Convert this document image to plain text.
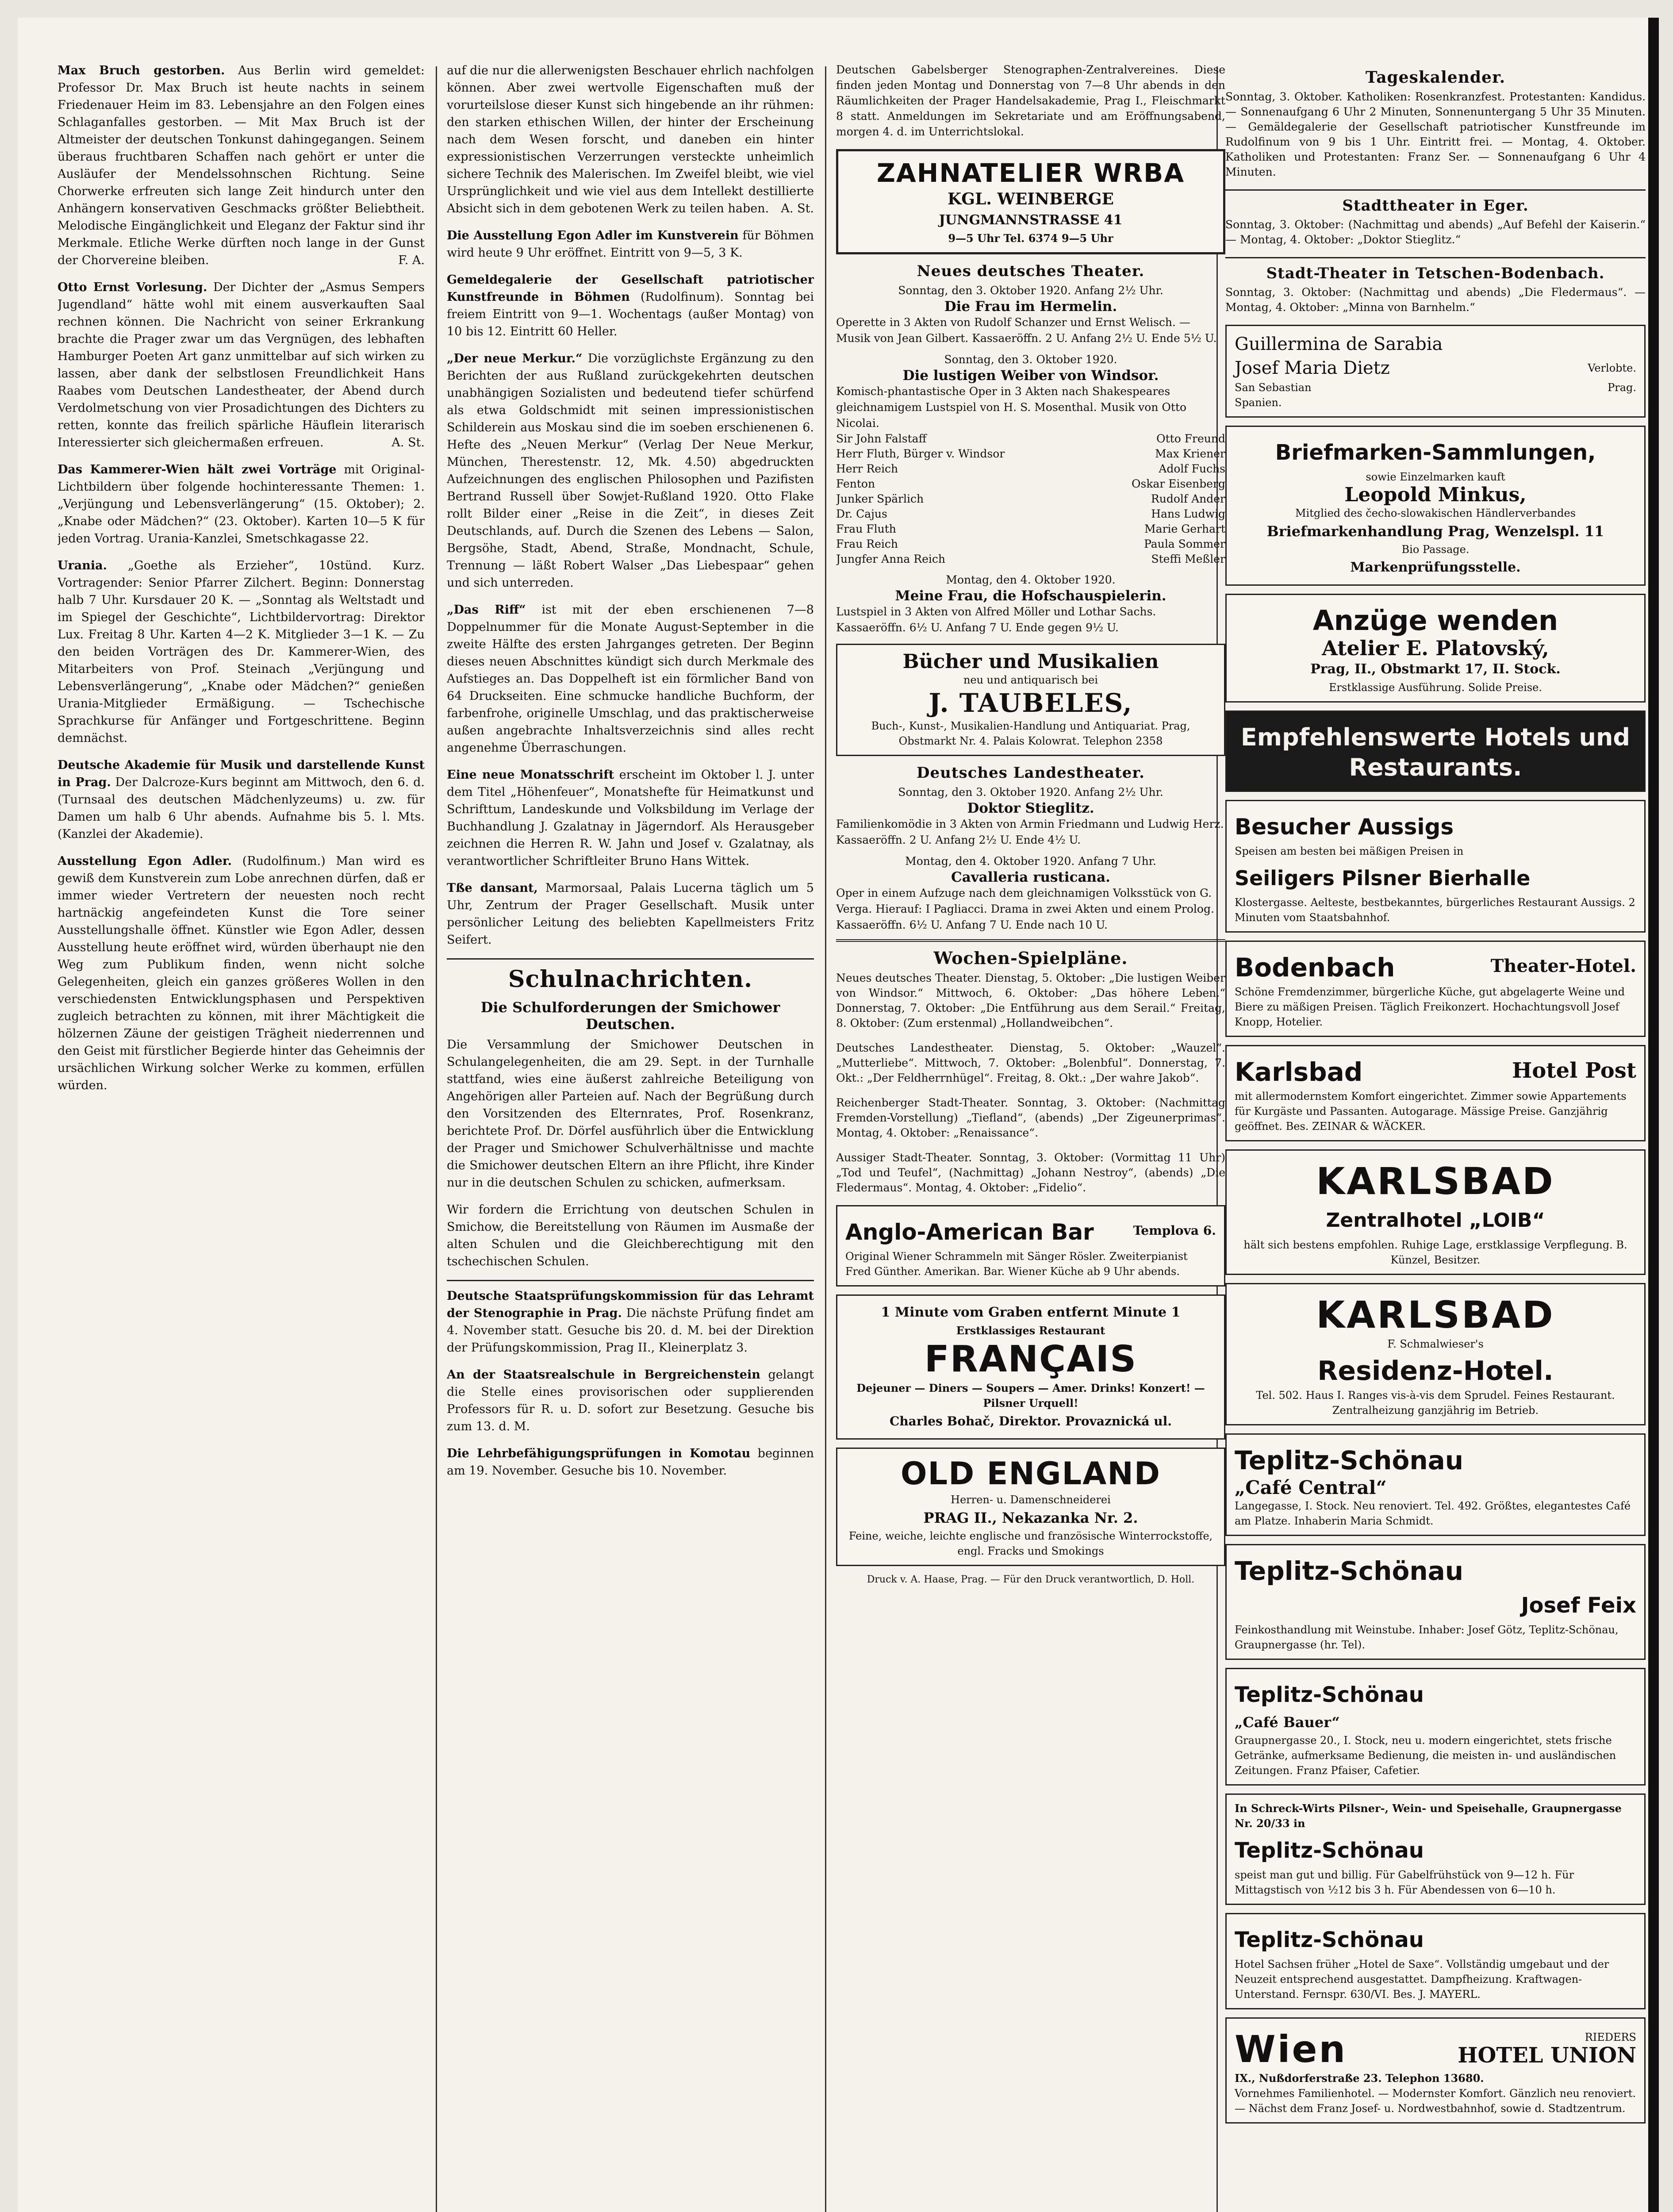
Max Bruch gestorben. Aus Berlin wird gemeldet: Professor Dr. Max Bruch ist heute nachts in seinem Friedenauer Heim im 83. Lebensjahre an den Folgen eines Schlaganfalles gestorben. — Mit Max Bruch ist der Altmeister der deutschen Tonkunst dahingegangen. Seinem überaus fruchtbaren Schaffen nach gehört er unter die Ausläufer der Mendelssohnschen Richtung. Seine Chorwerke erfreuten sich lange Zeit hindurch unter den Anhängern konservativen Geschmacks größter Beliebtheit. Melodische Eingänglichkeit und Eleganz der Faktur sind ihr Merkmale. Etliche Werke dürften noch lange in der Gunst der Chorvereine bleiben.	F. A.

Otto Ernst Vorlesung. Der Dichter der „Asmus Sempers Jugendland“ hätte wohl mit einem ausverkauften Saal rechnen können. Die Nachricht von seiner Erkrankung brachte die Prager zwar um das Vergnügen, des lebhaften Hamburger Poeten Art ganz unmittelbar auf sich wirken zu lassen, aber dank der selbstlosen Freundlichkeit Hans Raabes vom Deutschen Landestheater, der Abend durch Verdolmetschung von vier Prosadichtungen des Dichters zu retten, konnte das freilich spärliche Häuflein literarisch Interessierter sich gleichermaßen erfreuen.	A. St.

Das Kammerer-Wien hält zwei Vorträge mit Original-Lichtbildern über folgende hochinteressante Themen: 1. „Verjüngung und Lebensverlängerung“ (15. Oktober); 2. „Knabe oder Mädchen?“ (23. Oktober). Karten 10—5 K für jeden Vortrag. Urania-Kanzlei, Smetschkagasse 22.

Urania. „Goethe als Erzieher“, 10stünd. Kurz. Vortragender: Senior Pfarrer Zilchert. Beginn: Donnerstag halb 7 Uhr. Kursdauer 20 K. — „Sonntag als Weltstadt und im Spiegel der Geschichte“, Lichtbildervortrag: Direktor Lux. Freitag 8 Uhr. Karten 4—2 K. Mitglieder 3—1 K. — Zu den beiden Vorträgen des Dr. Kammerer-Wien, des Mitarbeiters von Prof. Steinach „Verjüngung und Lebensverlängerung“, „Knabe oder Mädchen?“ genießen Urania-Mitglieder Ermäßigung. — Tschechische Sprachkurse für Anfänger und Fortgeschrittene. Beginn demnächst.

Deutsche Akademie für Musik und darstellende Kunst in Prag. Der Dalcroze-Kurs beginnt am Mittwoch, den 6. d. (Turnsaal des deutschen Mädchenlyzeums) u. zw. für Damen um halb 6 Uhr abends. Aufnahme bis 5. l. Mts. (Kanzlei der Akademie).

Ausstellung Egon Adler. (Rudolfinum.) Man wird es gewiß dem Kunstverein zum Lobe anrechnen dürfen, daß er immer wieder Vertretern der neuesten noch recht hartnäckig angefeindeten Kunst die Tore seiner Ausstellungshalle öffnet. Künstler wie Egon Adler, dessen Ausstellung heute eröffnet wird, würden überhaupt nie den Weg zum Publikum finden, wenn nicht solche Gelegenheiten, gleich ein ganzes größeres Wollen in den verschiedensten Entwicklungsphasen und Perspektiven zugleich betrachten zu können, mit ihrer Mächtigkeit die hölzernen Zäune der geistigen Trägheit niederrennen und den Geist mit fürstlicher Begierde hinter das Geheimnis der ursächlichen Wirkung solcher Werke zu kommen, erfüllen würden.

auf die nur die allerwenigsten Beschauer ehrlich nachfolgen können. Aber zwei wertvolle Eigenschaften muß der vorurteilslose dieser Kunst sich hingebende an ihr rühmen: den starken ethischen Willen, der hinter der Erscheinung nach dem Wesen forscht, und daneben ein hinter expressionistischen Verzerrungen versteckte unheimlich sichere Technik des Malerischen. Im Zweifel bleibt, wie viel Ursprünglichkeit und wie viel aus dem Intellekt destillierte Absicht sich in dem gebotenen Werk zu teilen haben. A. St.

Die Ausstellung Egon Adler im Kunstverein für Böhmen wird heute 9 Uhr eröffnet. Eintritt von 9—5, 3 K.

Gemeldegalerie der Gesellschaft patriotischer Kunstfreunde in Böhmen (Rudolfinum). Sonntag bei freiem Eintritt von 9—1. Wochentags (außer Montag) von 10 bis 12. Eintritt 60 Heller.

„Der neue Merkur.“ Die vorzüglichste Ergänzung zu den Berichten der aus Rußland zurückgekehrten deutschen unabhängigen Sozialisten und bedeutend tiefer schürfend als etwa Goldschmidt mit seinen impressionistischen Schilderein aus Moskau sind die im soeben erschienenen 6. Hefte des „Neuen Merkur“ (Verlag Der Neue Merkur, München, Therestenstr. 12, Mk. 4.50) abgedruckten Aufzeichnungen des englischen Philosophen und Pazifisten Bertrand Russell über Sowjet-Rußland 1920. Otto Flake rollt Bilder einer „Reise in die Zeit“, in dieses Zeit Deutschlands, auf. Durch die Szenen des Lebens — Salon, Bergsöhe, Stadt, Abend, Straße, Mondnacht, Schule, Trennung — läßt Robert Walser „Das Liebespaar“ gehen und sich unterreden.

„Das Riff“ ist mit der eben erschienenen 7—8 Doppelnummer für die Monate August-September in die zweite Hälfte des ersten Jahrganges getreten. Der Beginn dieses neuen Abschnittes kündigt sich durch Merkmale des Aufstieges an. Das Doppelheft ist ein förmlicher Band von 64 Druckseiten. Eine schmucke handliche Buchform, der farbenfrohe, originelle Umschlag, und das praktischerweise außen angebrachte Inhaltsverzeichnis sind alles recht angenehme Überraschungen.

Eine neue Monatsschrift erscheint im Oktober l. J. unter dem Titel „Höhenfeuer“, Monatshefte für Heimatkunst und Schrifttum, Landeskunde und Volksbildung im Verlage der Buchhandlung J. Gzalatnay in Jägerndorf. Als Herausgeber zeichnen die Herren R. W. Jahn und Josef v. Gzalatnay, als verantwortlicher Schriftleiter Bruno Hans Wittek.

Tße dansant, Marmorsaal, Palais Lucerna täglich um 5 Uhr, Zentrum der Prager Gesellschaft. Musik unter persönlicher Leitung des beliebten Kapellmeisters Fritz Seifert.

Schulnachrichten.
Die Schulforderungen der Smichower Deutschen.

Die Versammlung der Smichower Deutschen in Schulangelegenheiten, die am 29. Sept. in der Turnhalle stattfand, wies eine äußerst zahlreiche Beteiligung von Angehörigen aller Parteien auf. Nach der Begrüßung durch den Vorsitzenden des Elternrates, Prof. Rosenkranz, berichtete Prof. Dr. Dörfel ausführlich über die Entwicklung der Prager und Smichower Schulverhältnisse und machte die Smichower deutschen Eltern an ihre Pflicht, ihre Kinder nur in die deutschen Schulen zu schicken, aufmerksam.

Wir fordern die Errichtung von deutschen Schulen in Smichow, die Bereitstellung von Räumen im Ausmaße der alten Schulen und die Gleichberechtigung mit den tschechischen Schulen.

Deutsche Staatsprüfungskommission für das Lehramt der Stenographie in Prag. Die nächste Prüfung findet am 4. November statt. Gesuche bis 20. d. M. bei der Direktion der Prüfungskommission, Prag II., Kleinerplatz 3.

An der Staatsrealschule in Bergreichenstein gelangt die Stelle eines provisorischen oder supplierenden Professors für R. u. D. sofort zur Besetzung. Gesuche bis zum 13. d. M.

Die Lehrbefähigungsprüfungen in Komotau beginnen am 19. November. Gesuche bis 10. November.

Deutschen Gabelsberger Stenographen-Zentralvereines. Diese finden jeden Montag und Donnerstag von 7—8 Uhr abends in den Räumlichkeiten der Prager Handelsakademie, Prag I., Fleischmarkt 8 statt. Anmeldungen im Sekretariate und am Eröffnungsabend, morgen 4. d. im Unterrichtslokal.

ZAHNATELIER WRBA
KGL. WEINBERGE
JUNGMANNSTRASSE 41
9—5 Uhr Tel. 6374 9—5 Uhr
Neues deutsches Theater.
Sonntag, den 3. Oktober 1920. Anfang 2½ Uhr.
Die Frau im Hermelin.
Operette in 3 Akten von Rudolf Schanzer und Ernst Welisch. — Musik von Jean Gilbert. Kassaeröffn. 2 U. Anfang 2½ U. Ende 5½ U.
Sonntag, den 3. Oktober 1920.
Die lustigen Weiber von Windsor.
Komisch-phantastische Oper in 3 Akten nach Shakespeares gleichnamigem Lustspiel von H. S. Mosenthal. Musik von Otto Nicolai.
Sir John Falstaff	Otto Freund
Herr Fluth, Bürger v. Windsor	Max Kriener
Herr Reich	Adolf Fuchs
Fenton	Oskar Eisenberg
Junker Spärlich	Rudolf Ander
Dr. Cajus	Hans Ludwig
Frau Fluth	Marie Gerhart
Frau Reich	Paula Sommer
Jungfer Anna Reich	Steffi Meßler
Montag, den 4. Oktober 1920.
Meine Frau, die Hofschauspielerin.
Lustspiel in 3 Akten von Alfred Möller und Lothar Sachs. Kassaeröffn. 6½ U. Anfang 7 U. Ende gegen 9½ U.
Bücher und Musikalien
neu und antiquarisch bei
J. TAUBELES,
Buch-, Kunst-, Musikalien-Handlung und Antiquariat. Prag, Obstmarkt Nr. 4. Palais Kolowrat. Telephon 2358
Deutsches Landestheater.
Sonntag, den 3. Oktober 1920. Anfang 2½ Uhr.
Doktor Stieglitz.
Familienkomödie in 3 Akten von Armin Friedmann und Ludwig Herz. Kassaeröffn. 2 U. Anfang 2½ U. Ende 4½ U.
Montag, den 4. Oktober 1920. Anfang 7 Uhr.
Cavalleria rusticana.
Oper in einem Aufzuge nach dem gleichnamigen Volksstück von G. Verga. Hierauf: I Pagliacci. Drama in zwei Akten und einem Prolog. Kassaeröffn. 6½ U. Anfang 7 U. Ende nach 10 U.
Wochen-Spielpläne.

Neues deutsches Theater. Dienstag, 5. Oktober: „Die lustigen Weiber von Windsor.“ Mittwoch, 6. Oktober: „Das höhere Leben.“ Donnerstag, 7. Oktober: „Die Entführung aus dem Serail.“ Freitag, 8. Oktober: (Zum erstenmal) „Hollandweibchen“.

Deutsches Landestheater. Dienstag, 5. Oktober: „Wauzel“. „Mutterliebe“. Mittwoch, 7. Oktober: „Bolenbful“. Donnerstag, 7. Okt.: „Der Feldherrnhügel“. Freitag, 8. Okt.: „Der wahre Jakob“.

Reichenberger Stadt-Theater. Sonntag, 3. Oktober: (Nachmittag Fremden-Vorstellung) „Tiefland“, (abends) „Der Zigeunerprimas“. Montag, 4. Oktober: „Renaissance“.

Aussiger Stadt-Theater. Sonntag, 3. Oktober: (Vormittag 11 Uhr) „Tod und Teufel“, (Nachmittag) „Johann Nestroy“, (abends) „Die Fledermaus“. Montag, 4. Oktober: „Fidelio“.

Anglo-American Bar	Templova 6.
Original Wiener Schrammeln mit Sänger Rösler. Zweiterpianist Fred Günther. Amerikan. Bar. Wiener Küche ab 9 Uhr abends.
1 Minute vom Graben entfernt Minute 1
Erstklassiges Restaurant
FRANÇAIS
Dejeuner — Diners — Soupers — Amer. Drinks! Konzert! — Pilsner Urquell!
Charles Bohač, Direktor. Provaznická ul.
OLD ENGLAND
Herren- u. Damenschneiderei
PRAG II., Nekazanka Nr. 2.
Feine, weiche, leichte englische und französische Winterrockstoffe, engl. Fracks und Smokings
Druck v. A. Haase, Prag. — Für den Druck verantwortlich, D. Holl.
Tageskalender.

Sonntag, 3. Oktober. Katholiken: Rosenkranzfest. Protestanten: Kandidus. — Sonnenaufgang 6 Uhr 2 Minuten, Sonnenuntergang 5 Uhr 35 Minuten. — Gemäldegalerie der Gesellschaft patriotischer Kunstfreunde im Rudolfinum von 9 bis 1 Uhr. Eintritt frei. — Montag, 4. Oktober. Katholiken und Protestanten: Franz Ser. — Sonnenaufgang 6 Uhr 4 Minuten.

Stadttheater in Eger.

Sonntag, 3. Oktober: (Nachmittag und abends) „Auf Befehl der Kaiserin.“ — Montag, 4. Oktober: „Doktor Stieglitz.“

Stadt-Theater in Tetschen-Bodenbach.

Sonntag, 3. Oktober: (Nachmittag und abends) „Die Fledermaus“. — Montag, 4. Oktober: „Minna von Barnhelm.“

Guillermina de Sarabia
Josef Maria Dietz	Verlobte.
San Sebastian	Prag.
Spanien.
Briefmarken-Sammlungen,
sowie Einzelmarken kauft
Leopold Minkus,
Mitglied des čecho-slowakischen Händlerverbandes
Briefmarkenhandlung Prag, Wenzelspl. 11
Bio Passage.
Markenprüfungsstelle.
Anzüge wenden
Atelier E. Platovský,
Prag, II., Obstmarkt 17, II. Stock.
Erstklassige Ausführung. Solide Preise.
Empfehlenswerte Hotels und Restaurants.
Besucher Aussigs
Speisen am besten bei mäßigen Preisen in
Seiligers Pilsner Bierhalle
Klostergasse. Aelteste, bestbekanntes, bürgerliches Restaurant Aussigs. 2 Minuten vom Staatsbahnhof.
Bodenbach	Theater-Hotel.
Schöne Fremdenzimmer, bürgerliche Küche, gut abgelagerte Weine und Biere zu mäßigen Preisen. Täglich Freikonzert. Hochachtungsvoll Josef Knopp, Hotelier.
Karlsbad	Hotel Post
mit allermodernstem Komfort eingerichtet. Zimmer sowie Appartements für Kurgäste und Passanten. Autogarage. Mässige Preise. Ganzjährig geöffnet. Bes. ZEINAR & WÄCKER.
KARLSBAD
Zentralhotel „LOIB“
hält sich bestens empfohlen. Ruhige Lage, erstklassige Verpflegung. B. Künzel, Besitzer.
KARLSBAD
F. Schmalwieser's
Residenz-Hotel.
Tel. 502. Haus I. Ranges vis-à-vis dem Sprudel. Feines Restaurant. Zentralheizung ganzjährig im Betrieb.
Teplitz-Schönau
„Café Central“
Langegasse, I. Stock. Neu renoviert. Tel. 492. Größtes, elegantestes Café am Platze. Inhaberin Maria Schmidt.
Teplitz-Schönau
Josef Feix
Feinkosthandlung mit Weinstube. Inhaber: Josef Götz, Teplitz-Schönau, Graupnergasse (hr. Tel).
Teplitz-Schönau
„Café Bauer“
Graupnergasse 20., I. Stock, neu u. modern eingerichtet, stets frische Getränke, aufmerksame Bedienung, die meisten in- und ausländischen Zeitungen. Franz Pfaiser, Cafetier.
In Schreck-Wirts Pilsner-, Wein- und Speisehalle, Graupnergasse Nr. 20/33 in
Teplitz-Schönau
speist man gut und billig. Für Gabelfrühstück von 9—12 h. Für Mittagstisch von ½12 bis 3 h. Für Abendessen von 6—10 h.
Teplitz-Schönau
Hotel Sachsen früher „Hotel de Saxe“. Vollständig umgebaut und der Neuzeit entsprechend ausgestattet. Dampfheizung. Kraftwagen-Unterstand. Fernspr. 630/VI. Bes. J. MAYERL.
Wien	RIEDERS
HOTEL UNION
IX., Nußdorferstraße 23. Telephon 13680.
Vornehmes Familienhotel. — Modernster Komfort. Gänzlich neu renoviert. — Nächst dem Franz Josef- u. Nordwestbahnhof, sowie d. Stadtzentrum.
